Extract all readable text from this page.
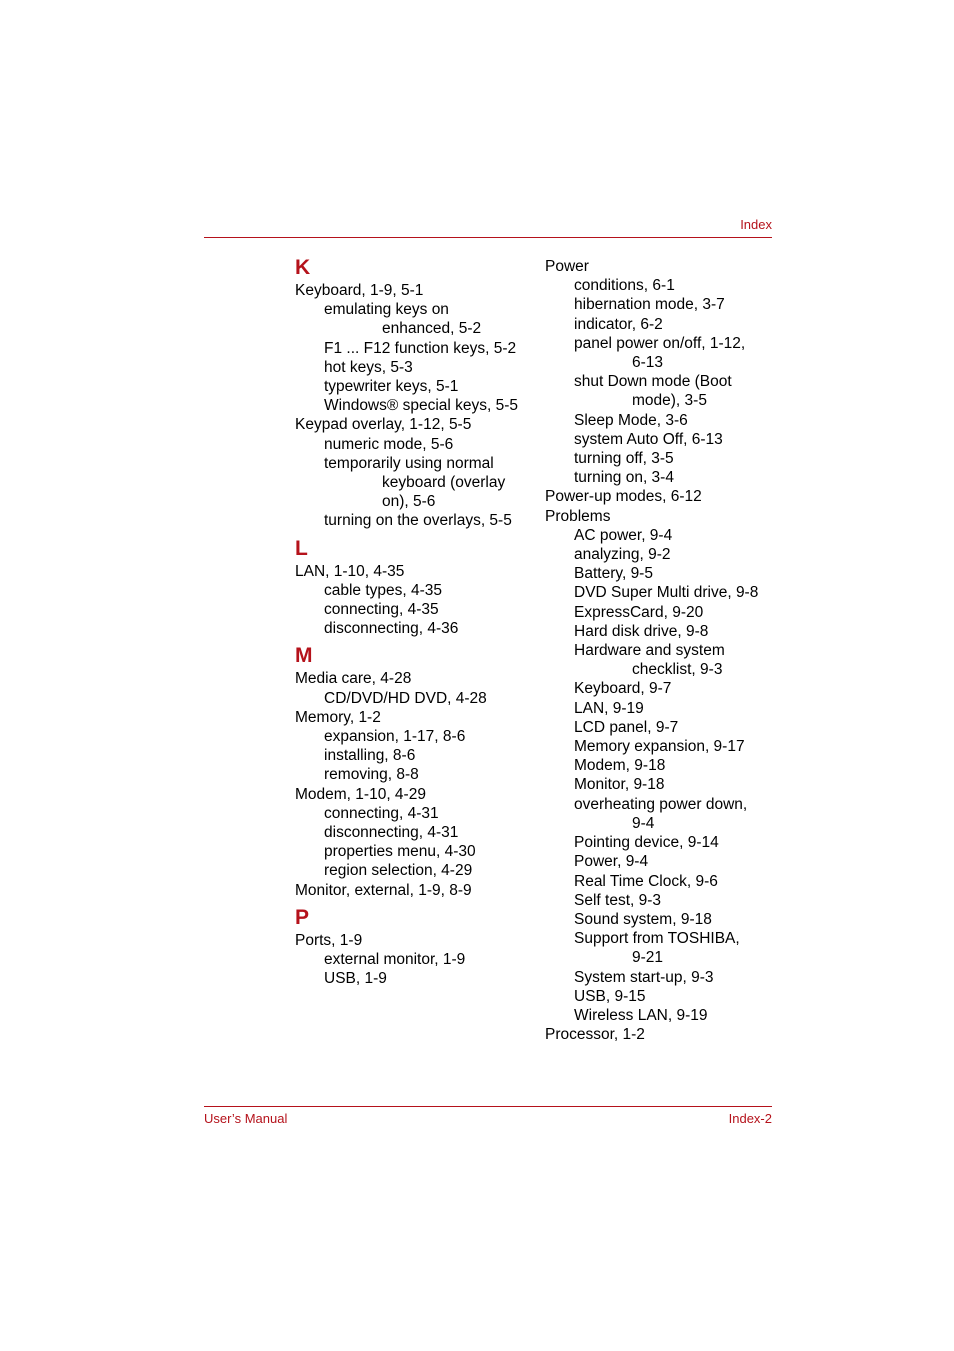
Index
K
Keyboard, 1-9, 5-1
emulating keys on
enhanced, 5-2
F1 ... F12 function keys, 5-2
hot keys, 5-3
typewriter keys, 5-1
Windows® special keys, 5-5
Keypad overlay, 1-12, 5-5
numeric mode, 5-6
temporarily using normal
keyboard (overlay
on), 5-6
turning on the overlays, 5-5
L
LAN, 1-10, 4-35
cable types, 4-35
connecting, 4-35
disconnecting, 4-36
M
Media care, 4-28
CD/DVD/HD DVD, 4-28
Memory, 1-2
expansion, 1-17, 8-6
installing, 8-6
removing, 8-8
Modem, 1-10, 4-29
connecting, 4-31
disconnecting, 4-31
properties menu, 4-30
region selection, 4-29
Monitor, external, 1-9, 8-9
P
Ports, 1-9
external monitor, 1-9
USB, 1-9
Power
conditions, 6-1
hibernation mode, 3-7
indicator, 6-2
panel power on/off, 1-12,
6-13
shut Down mode (Boot
mode), 3-5
Sleep Mode, 3-6
system Auto Off, 6-13
turning off, 3-5
turning on, 3-4
Power-up modes, 6-12
Problems
AC power, 9-4
analyzing, 9-2
Battery, 9-5
DVD Super Multi drive, 9-8
ExpressCard, 9-20
Hard disk drive, 9-8
Hardware and system
checklist, 9-3
Keyboard, 9-7
LAN, 9-19
LCD panel, 9-7
Memory expansion, 9-17
Modem, 9-18
Monitor, 9-18
overheating power down,
9-4
Pointing device, 9-14
Power, 9-4
Real Time Clock, 9-6
Self test, 9-3
Sound system, 9-18
Support from TOSHIBA,
9-21
System start-up, 9-3
USB, 9-15
Wireless LAN, 9-19
Processor, 1-2
User’s Manual	Index-2
